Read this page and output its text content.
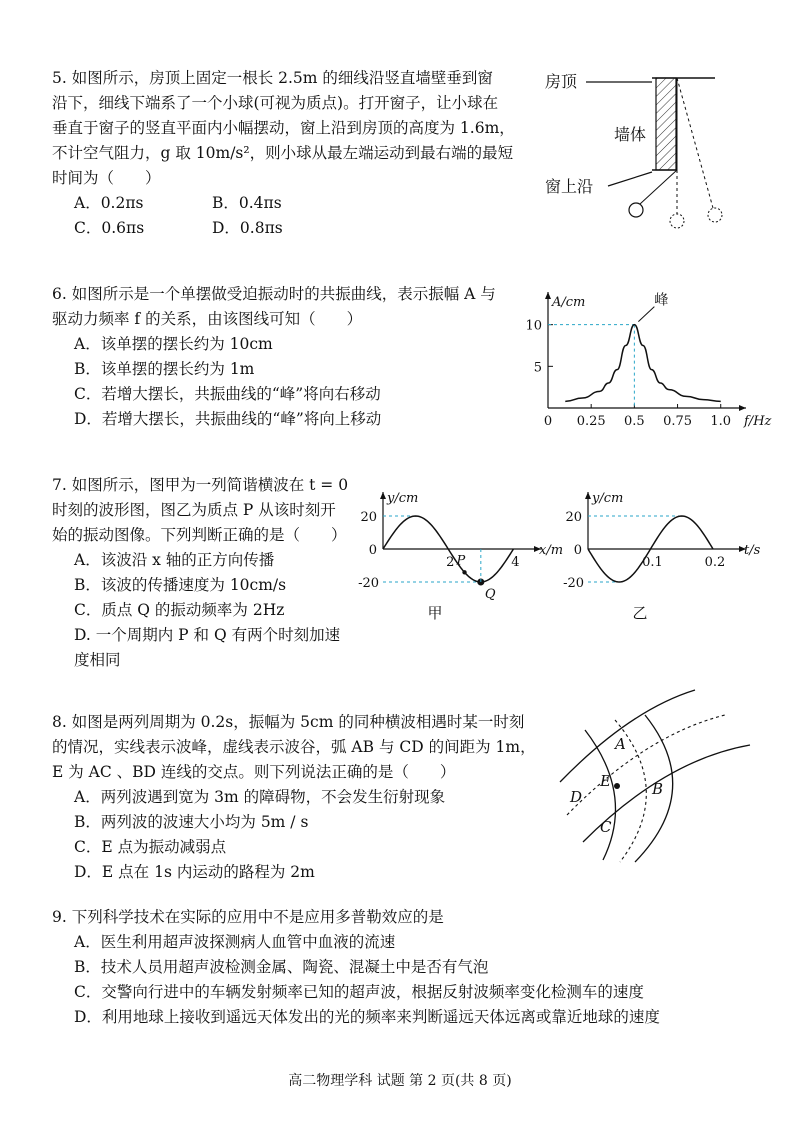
5. 如图所示，房顶上固定一根长 2.5m 的细线沿竖直墙壁垂到窗
沿下，细线下端系了一个小球(可视为质点)。打开窗子，让小球在
垂直于窗子的竖直平面内小幅摆动，窗上沿到房顶的高度为 1.6m，
不计空气阻力，g 取 10m/s²，则小球从最左端运动到最右端的最短
时间为（　　）
A．0.2πs	B．0.4πs
C．0.6πs	D．0.8πs
房顶
墙体
窗上沿
6. 如图所示是一个单摆做受迫振动时的共振曲线，表示振幅 A 与
驱动力频率 f 的关系，由该图线可知（　　）
A．该单摆的摆长约为 10cm
B．该单摆的摆长约为 1m
C．若增大摆长，共振曲线的“峰”将向右移动
D．若增大摆长，共振曲线的“峰”将向上移动	0 0.25 0.5 0.75 1.0
5
10
A/cm
f/Hz
峰
7. 如图所示，图甲为一列简谐横波在 t = 0
时刻的波形图，图乙为质点 P 从该时刻开
始的振动图像。下列判断正确的是（　　）
A．该波沿 x 轴的正方向传播
B．该波的传播速度为 10cm/s
C．质点 Q 的振动频率为 2Hz
D. 一个周期内 P 和 Q 有两个时刻加速
度相同
y/cm
x/m
20
-20
0
2	4
P
Q
甲
y/cm
t/s
20
-20
0
0.1	0.2
乙
8. 如图是两列周期为 0.2s，振幅为 5cm 的同种横波相遇时某一时刻
的情况，实线表示波峰，虚线表示波谷，弧 AB 与 CD 的间距为 1m，
E 为 AC 、BD 连线的交点。则下列说法正确的是（　　）
A．两列波遇到宽为 3m 的障碍物，不会发生衍射现象
B．两列波的波速大小均为 5m / s
C．E 点为振动减弱点
D．E 点在 1s 内运动的路程为 2m
A
B
C
D
E
9. 下列科学技术在实际的应用中不是应用多普勒效应的是
A．医生利用超声波探测病人血管中血液的流速
B．技术人员用超声波检测金属、陶瓷、混凝土中是否有气泡
C．交警向行进中的车辆发射频率已知的超声波，根据反射波频率变化检测车的速度
D．利用地球上接收到遥远天体发出的光的频率来判断遥远天体远离或靠近地球的速度
高二物理学科 试题 第 2 页(共 8 页)
